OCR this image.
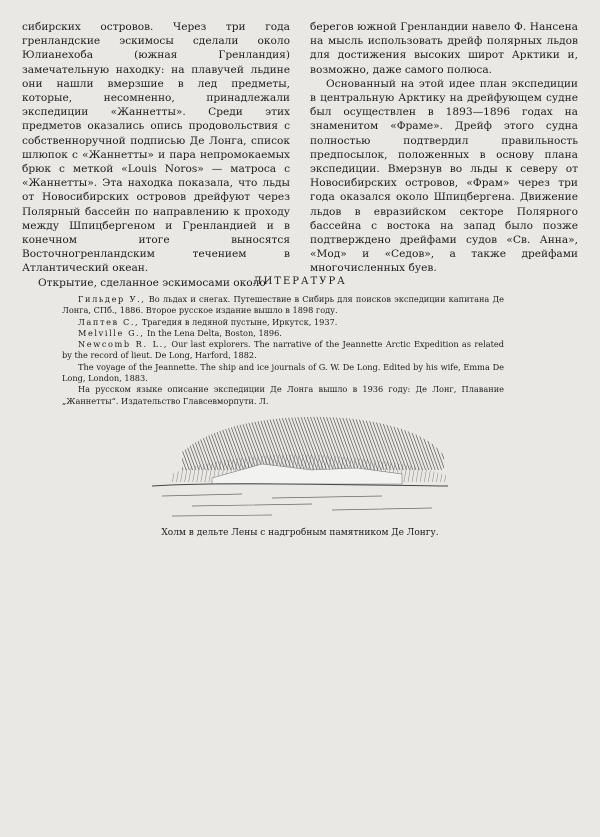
сибирских островов. Через три года гренландские эскимосы сделали около Юлианехоба (южная Гренландия) замечательную находку: на плавучей льдине они нашли вмерзшие в лед предметы, которые, несомненно, принадлежали экспедиции «Жаннетты». Среди этих предметов оказались опись продовольствия с собственноручной подписью Де Лонга, список шлюпок с «Жаннетты» и пара непромокаемых брюк с меткой «Louis Noros» — матроса с «Жаннетты». Эта находка показала, что льды от Новосибирских островов дрейфуют через Полярный бассейн по направлению к проходу между Шпицбергеном и Гренландией и в конечном итоге выносятся Восточногренландским течением в Атлантический океан.

Открытие, сделанное эскимосами около

берегов южной Гренландии навело Ф. Нансена на мысль использовать дрейф полярных льдов для достижения высоких широт Арктики и, возможно, даже самого полюса.

Основанный на этой идее план экспедиции в центральную Арктику на дрейфующем судне был осуществлен в 1893—1896 годах на знаменитом «Фраме». Дрейф этого судна полностью подтвердил правильность предпосылок, положенных в основу плана экспедиции. Вмерзнув во льды к северу от Новосибирских островов, «Фрам» через три года оказался около Шпицбергена. Движение льдов в евразийском секторе Полярного бассейна с востока на запад было позже подтверждено дрейфами судов «Св. Анна», «Мод» и «Седов», а также дрейфами многочисленных буев.

ЛИТЕРАТУРА

Гильдер У., Во льдах и снегах. Путешествие в Сибирь для поисков экспедиции капитана Де Лонга, СПб., 1886. Второе русское издание вышло в 1898 году.

Лаптев С., Трагедия в ледяной пустыне, Иркутск, 1937.

Melville G., In the Lena Delta, Boston, 1896.

Newcomb R. L., Our last explorers. The narrative of the Jeannette Arctic Expedition as related by the record of lieut. De Long, Harford, 1882.

The voyage of the Jeannette. The ship and ice journals of G. W. De Long. Edited by his wife, Emma De Long, London, 1883.

На русском языке описание экспедиции Де Лонга вышло в 1936 году: Де Лонг, Плавание „Жаннетты“. Издательство Главсевморпути. Л.

Холм в дельте Лены с надгробным памятником Де Лонгу.
